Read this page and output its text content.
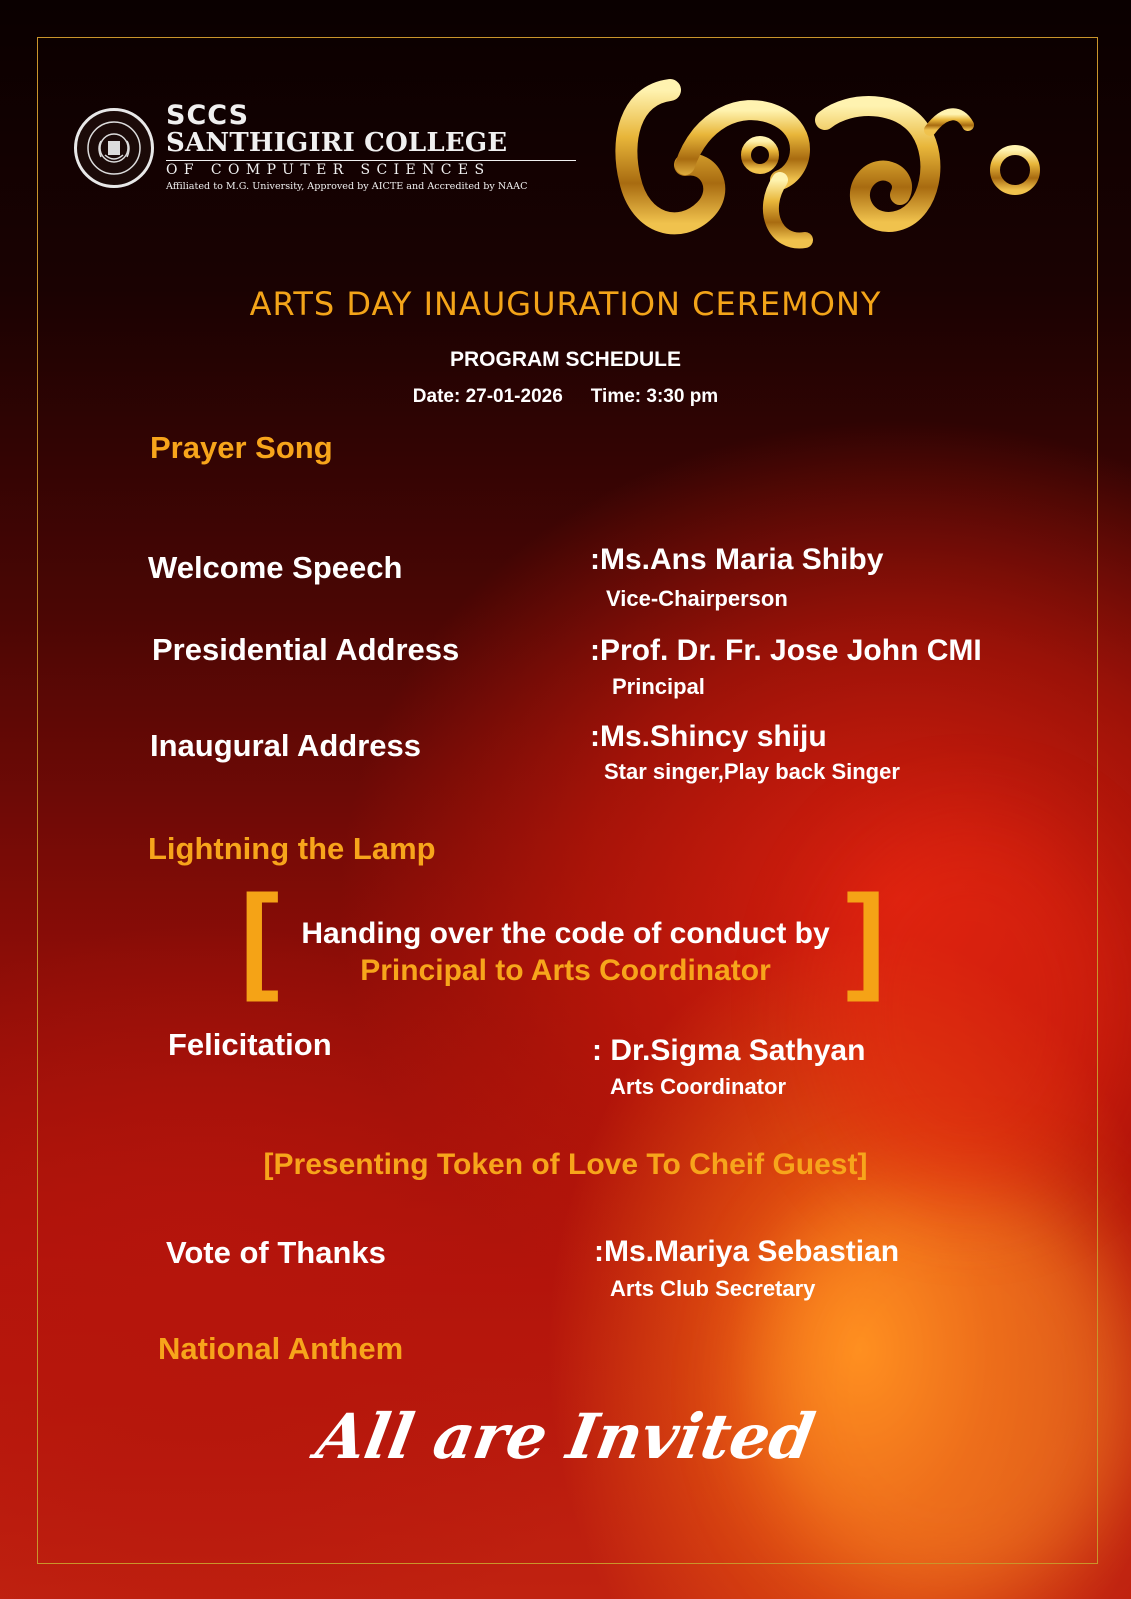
SCCS
SANTHIGIRI COLLEGE
OF COMPUTER SCIENCES
Affiliated to M.G. University, Approved by AICTE and Accredited by NAAC
ARTS DAY INAUGURATION CEREMONY
PROGRAM SCHEDULE
Date: 27-01-2026 Time: 3:30 pm
Prayer Song
Welcome Speech	:Ms.Ans Maria Shiby
Vice-Chairperson
Presidential Address	:Prof. Dr. Fr. Jose John CMI
Principal
Inaugural Address	:Ms.Shincy shiju
Star singer,Play back Singer
Lightning the Lamp
[	]
Handing over the code of conduct by
Principal to Arts Coordinator
Felicitation	: Dr.Sigma Sathyan
Arts Coordinator
[Presenting Token of Love To Cheif Guest]
Vote of Thanks	:Ms.Mariya Sebastian
Arts Club Secretary
National Anthem
All are Invited
